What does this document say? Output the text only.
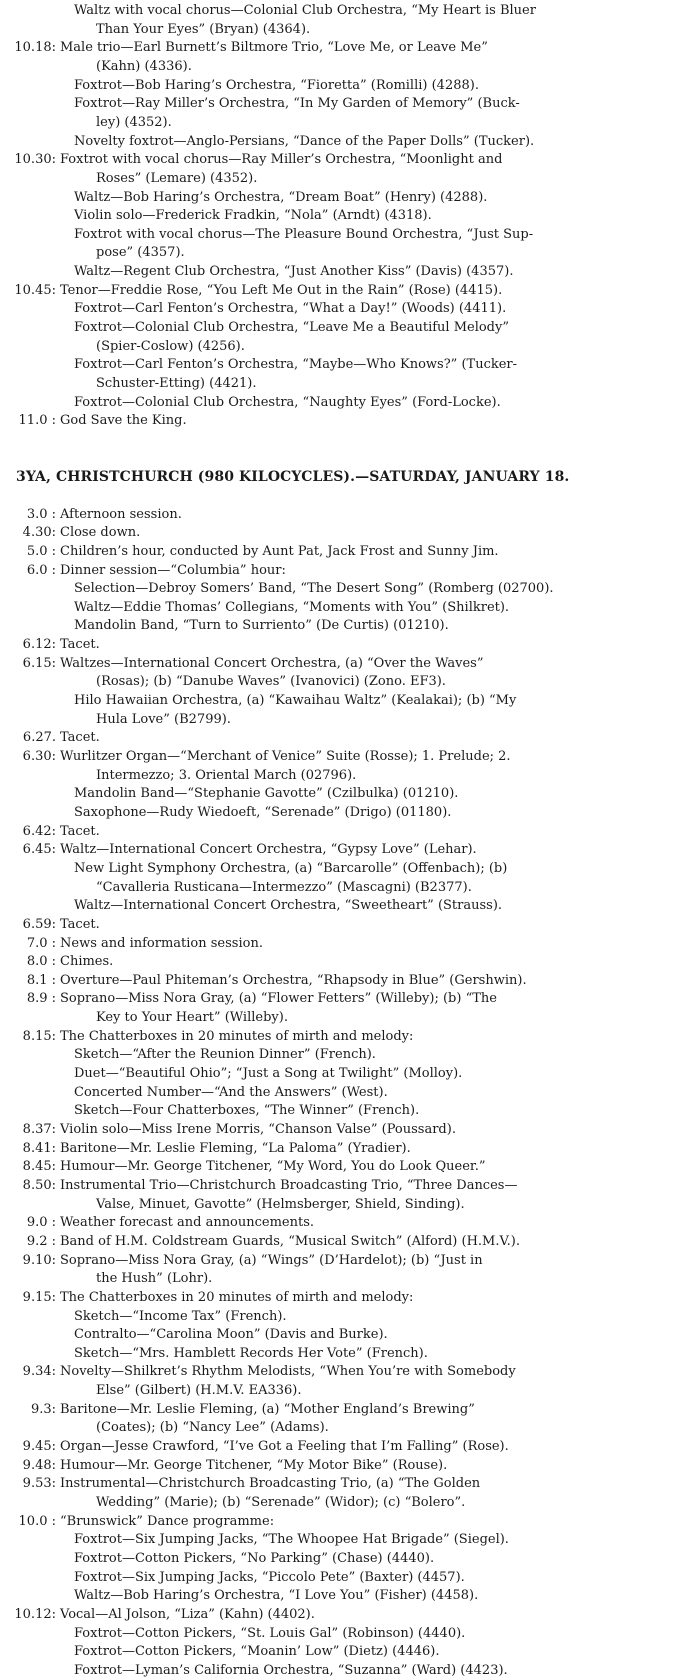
Waltz with vocal chorus—Colonial Club Orchestra, “My Heart is Bluer
Than Your Eyes” (Bryan) (4364).
10.18: Male trio—Earl Burnett’s Biltmore Trio, “Love Me, or Leave Me”
(Kahn) (4336).
Foxtrot—Bob Haring’s Orchestra, “Fioretta” (Romilli) (4288).
Foxtrot—Ray Miller’s Orchestra, “In My Garden of Memory” (Buck-
ley) (4352).
Novelty foxtrot—Anglo-Persians, “Dance of the Paper Dolls” (Tucker).
10.30: Foxtrot with vocal chorus—Ray Miller’s Orchestra, “Moonlight and
Roses” (Lemare) (4352).
Waltz—Bob Haring’s Orchestra, “Dream Boat” (Henry) (4288).
Violin solo—Frederick Fradkin, “Nola” (Arndt) (4318).
Foxtrot with vocal chorus—The Pleasure Bound Orchestra, “Just Sup-
pose” (4357).
Waltz—Regent Club Orchestra, “Just Another Kiss” (Davis) (4357).
10.45: Tenor—Freddie Rose, “You Left Me Out in the Rain” (Rose) (4415).
Foxtrot—Carl Fenton’s Orchestra, “What a Day!” (Woods) (4411).
Foxtrot—Colonial Club Orchestra, “Leave Me a Beautiful Melody”
(Spier-Coslow) (4256).
Foxtrot—Carl Fenton’s Orchestra, “Maybe—Who Knows?” (Tucker-
Schuster-Etting) (4421).
Foxtrot—Colonial Club Orchestra, “Naughty Eyes” (Ford-Locke).
11.0 : God Save the King.
3YA, CHRISTCHURCH (980 KILOCYCLES).—SATURDAY, JANUARY 18.
3.0 : Afternoon session.
4.30: Close down.
5.0 : Children’s hour, conducted by Aunt Pat, Jack Frost and Sunny Jim.
6.0 : Dinner session—“Columbia” hour:
Selection—Debroy Somers’ Band, “The Desert Song” (Romberg (02700).
Waltz—Eddie Thomas’ Collegians, “Moments with You” (Shilkret).
Mandolin Band, “Turn to Surriento” (De Curtis) (01210).
6.12: Tacet.
6.15: Waltzes—International Concert Orchestra, (a) “Over the Waves”
(Rosas); (b) “Danube Waves” (Ivanovici) (Zono. EF3).
Hilo Hawaiian Orchestra, (a) “Kawaihau Waltz” (Kealakai); (b) “My
Hula Love” (B2799).
6.27. Tacet.
6.30: Wurlitzer Organ—“Merchant of Venice” Suite (Rosse); 1. Prelude; 2.
Intermezzo; 3. Oriental March (02796).
Mandolin Band—“Stephanie Gavotte” (Czilbulka) (01210).
Saxophone—Rudy Wiedoeft, “Serenade” (Drigo) (01180).
6.42: Tacet.
6.45: Waltz—International Concert Orchestra, “Gypsy Love” (Lehar).
New Light Symphony Orchestra, (a) “Barcarolle” (Offenbach); (b)
“Cavalleria Rusticana—Intermezzo” (Mascagni) (B2377).
Waltz—International Concert Orchestra, “Sweetheart” (Strauss).
6.59: Tacet.
7.0 : News and information session.
8.0 : Chimes.
8.1 : Overture—Paul Phiteman’s Orchestra, “Rhapsody in Blue” (Gershwin).
8.9 : Soprano—Miss Nora Gray, (a) “Flower Fetters” (Willeby); (b) “The
Key to Your Heart” (Willeby).
8.15: The Chatterboxes in 20 minutes of mirth and melody:
Sketch—“After the Reunion Dinner” (French).
Duet—“Beautiful Ohio”; “Just a Song at Twilight” (Molloy).
Concerted Number—“And the Answers” (West).
Sketch—Four Chatterboxes, “The Winner” (French).
8.37: Violin solo—Miss Irene Morris, “Chanson Valse” (Poussard).
8.41: Baritone—Mr. Leslie Fleming, “La Paloma” (Yradier).
8.45: Humour—Mr. George Titchener, “My Word, You do Look Queer.”
8.50: Instrumental Trio—Christchurch Broadcasting Trio, “Three Dances—
Valse, Minuet, Gavotte” (Helmsberger, Shield, Sinding).
9.0 : Weather forecast and announcements.
9.2 : Band of H.M. Coldstream Guards, “Musical Switch” (Alford) (H.M.V.).
9.10: Soprano—Miss Nora Gray, (a) “Wings” (D’Hardelot); (b) “Just in
the Hush” (Lohr).
9.15: The Chatterboxes in 20 minutes of mirth and melody:
Sketch—“Income Tax” (French).
Contralto—“Carolina Moon” (Davis and Burke).
Sketch—“Mrs. Hamblett Records Her Vote” (French).
9.34: Novelty—Shilkret’s Rhythm Melodists, “When You’re with Somebody
Else” (Gilbert) (H.M.V. EA336).
9.3: Baritone—Mr. Leslie Fleming, (a) “Mother England’s Brewing”
(Coates); (b) “Nancy Lee” (Adams).
9.45: Organ—Jesse Crawford, “I’ve Got a Feeling that I’m Falling” (Rose).
9.48: Humour—Mr. George Titchener, “My Motor Bike” (Rouse).
9.53: Instrumental—Christchurch Broadcasting Trio, (a) “The Golden
Wedding” (Marie); (b) “Serenade” (Widor); (c) “Bolero”.
10.0 : “Brunswick” Dance programme:
Foxtrot—Six Jumping Jacks, “The Whoopee Hat Brigade” (Siegel).
Foxtrot—Cotton Pickers, “No Parking” (Chase) (4440).
Foxtrot—Six Jumping Jacks, “Piccolo Pete” (Baxter) (4457).
Waltz—Bob Haring’s Orchestra, “I Love You” (Fisher) (4458).
10.12: Vocal—Al Jolson, “Liza” (Kahn) (4402).
Foxtrot—Cotton Pickers, “St. Louis Gal” (Robinson) (4440).
Foxtrot—Cotton Pickers, “Moanin’ Low” (Dietz) (4446).
Foxtrot—Lyman’s California Orchestra, “Suzanna” (Ward) (4423).
